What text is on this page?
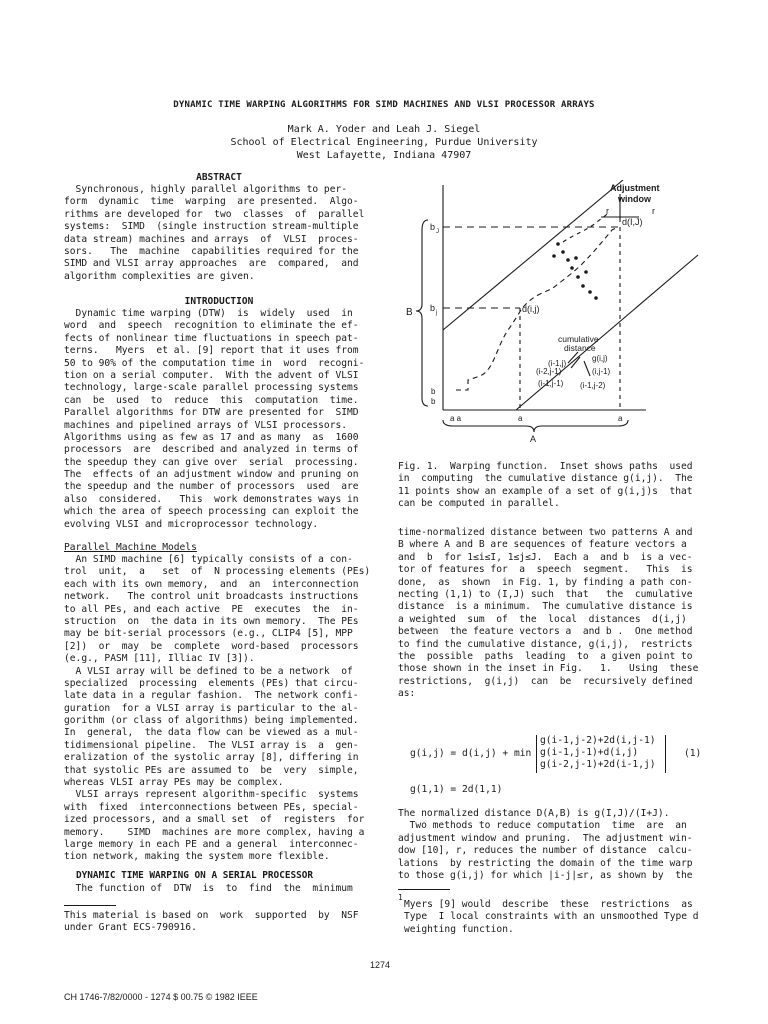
DYNAMIC TIME WARPING ALGORITHMS FOR SIMD MACHINES AND VLSI PROCESSOR ARRAYS
Mark A. Yoder and Leah J. Siegel
School of Electrical Engineering, Purdue University
West Lafayette, Indiana 47907
ABSTRACT
Synchronous, highly parallel algorithms to per-
form  dynamic  time  warping  are presented.  Algo-
rithms are developed for  two  classes  of  parallel
systems:  SIMD  (single instruction stream-multiple
data stream) machines and arrays  of  VLSI  proces-
sors.   The  machine  capabilities required for the
SIMD and VLSI array approaches  are  compared,  and
algorithm complexities are given.
INTRODUCTION
Dynamic time warping (DTW)  is  widely  used  in
word  and  speech  recognition to eliminate the ef-
fects of nonlinear time fluctuations in speech pat-
terns.   Myers  et al. [9] report that it uses from
50 to 90% of the computation time in  word  recogni-
tion on a serial computer.  With the advent of VLSI
technology, large-scale parallel processing systems
can  be  used  to  reduce  this  computation  time.
Parallel algorithms for DTW are presented for  SIMD
machines and pipelined arrays of VLSI processors.
Algorithms using as few as 17 and as many  as  1600
processors  are  described and analyzed in terms of
the speedup they can give over  serial  processing.
The  effects of an adjustment window and pruning on
the speedup and the number of processors  used  are
also  considered.   This  work demonstrates ways in
which the area of speech processing can exploit the
evolving VLSI and microprocessor technology.
Parallel Machine Models
An SIMD machine [6] typically consists of a con-
trol  unit,  a   set  of  N processing elements (PEs)
each with its own memory,  and  an  interconnection
network.   The control unit broadcasts instructions
to all PEs, and each active  PE  executes  the  in-
struction  on  the data in its own memory.  The PEs
may be bit-serial processors (e.g., CLIP4 [5], MPP
[2])  or  may  be  complete  word-based  processors
(e.g., PASM [11], Illiac IV [3]).
A VLSI array will be defined to be a network  of
specialized  processing  elements (PEs) that circu-
late data in a regular fashion.  The network confi-
guration  for a VLSI array is particular to the al-
gorithm (or class of algorithms) being implemented.
In  general,  the data flow can be viewed as a mul-
tidimensional pipeline.  The VLSI array is  a  gen-
eralization of the systolic array [8], differing in
that systolic PEs are assumed to  be  very  simple,
whereas VLSI array PEs may be complex.
VLSI arrays represent algorithm-specific  systems
with  fixed  interconnections between PEs, special-
ized processors, and a small set  of  registers  for
memory.    SIMD  machines are more complex, having a
large memory in each PE and a general  interconnec-
tion network, making the system more flexible.
DYNAMIC TIME WARPING ON A SERIAL PROCESSOR
The function of  DTW  is  to  find  the  minimum
This material is based on  work  supported  by  NSF
under Grant ECS-790916.
Adjustment
window
r	r
d(I,J)
b J
B b j	d(i,j)
cumulative
distance
g(i,j)
(i-1,j)
(i-2,j-1)	(i,j-1)
(i-1,j-1) (i-1,j-2)
b
b
a a	a	a
A
Fig. 1.  Warping function.  Inset shows paths  used
in  computing  the cumulative distance g(i,j).  The
11 points show an example of a set of g(i,j)s  that
can be computed in parallel.
time-normalized distance between two patterns A and
B where A and B are sequences of feature vectors a
and  b  for 1≤i≤I, 1≤j≤J.  Each a  and b  is a vec-
tor of features for  a  speech  segment.   This  is
done,  as  shown  in Fig. 1, by finding a path con-
necting (1,1) to (I,J) such  that   the  cumulative
distance  is a minimum.  The cumulative distance is
a weighted  sum  of  the  local  distances  d(i,j)
between  the feature vectors a  and b .  One method
to find the cumulative distance, g(i,j),  restricts
the  possible  paths  leading  to  a given point to
those shown in the inset in Fig.   1.   Using  these
restrictions,  g(i,j)  can  be  recursively defined
as:
g(i,j) = d(i,j) + min
g(i-1,j-2)+2d(i,j-1)
g(i-1,j-1)+d(i,j)
g(i-2,j-1)+2d(i-1,j)
(1)
g(1,1) = 2d(1,1)
The normalized distance D(A,B) is g(I,J)/(I+J).
Two methods to reduce computation  time  are  an
adjustment window and pruning.  The adjustment win-
dow [10], r, reduces the number of distance  calcu-
lations  by restricting the domain of the time warp
to those g(i,j) for which |i-j|≤r, as shown by  the
1
Myers [9] would  describe  these  restrictions  as
Type  I local constraints with an unsmoothed Type d
weighting function.
1274
CH 1746-7/82/0000 - 1274 $ 00.75 © 1982 IEEE
